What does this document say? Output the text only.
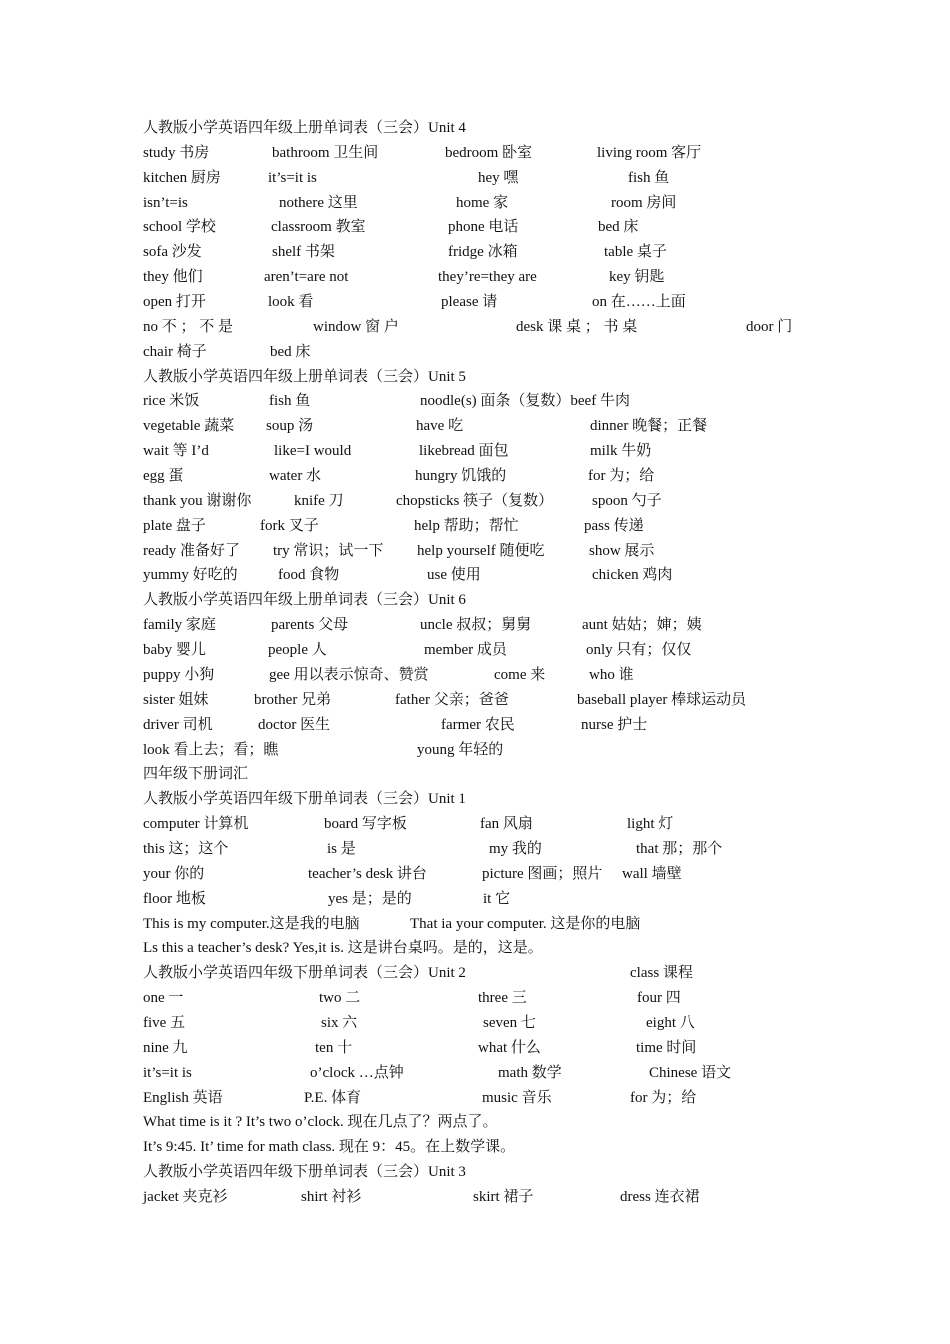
人教版小学英语四年级上册单词表（三会）Unit 4
study 书房	bathroom 卫生间	bedroom 卧室	living room 客厅
kitchen 厨房	it’s=it is	hey 嘿	fish 鱼
isn’t=is	nothere 这里	home 家	room 房间
school 学校	classroom 教室	phone 电话	bed 床
sofa 沙发	shelf 书架	fridge 冰箱	table 桌子
they 他们	aren’t=are not	they’re=they are	key 钥匙
open 打开	look 看	please 请	on 在……上面
no 不 ； 不 是	window 窗 户	desk 课 桌 ； 书 桌	door 门
chair 椅子	bed 床
人教版小学英语四年级上册单词表（三会）Unit 5
rice 米饭	fish 鱼	noodle(s) 面条（复数）beef 牛肉
vegetable 蔬菜 soup 汤	have 吃	dinner 晚餐；正餐
wait 等 I’d	like=I would	likebread 面包	milk 牛奶
egg 蛋	water 水	hungry 饥饿的	for 为；给
thank you 谢谢你	knife 刀	chopsticks 筷子（复数）	spoon 勺子
plate 盘子	fork 叉子	help 帮助；帮忙	pass 传递
ready 准备好了 try 常识；试一下 help yourself 随便吃	show 展示
yummy 好吃的	food 食物	use 使用	chicken 鸡肉
人教版小学英语四年级上册单词表（三会）Unit 6
family 家庭	parents 父母	uncle 叔叔；舅舅	aunt 姑姑；婶；姨
baby 婴儿	people 人	member 成员	only 只有；仅仅
puppy 小狗	gee 用以表示惊奇、赞赏	come 来	who 谁
sister 姐妹	brother 兄弟	father 父亲；爸爸	baseball player 棒球运动员
driver 司机	doctor 医生	farmer 农民	nurse 护士
look 看上去；看；瞧	young 年轻的
四年级下册词汇
人教版小学英语四年级下册单词表（三会）Unit 1
computer 计算机	board 写字板	fan 风扇	light 灯
this 这；这个	is 是	my 我的	that 那；那个
your 你的	teacher’s desk 讲台	picture 图画；照片 wall 墙壁
floor 地板	yes 是；是的	it 它
This is my computer.这是我的电脑	That ia your computer. 这是你的电脑
Ls this a teacher’s desk? Yes,it is. 这是讲台桌吗。是的，这是。
人教版小学英语四年级下册单词表（三会）Unit 2	class 课程
one 一	two 二	three 三	four 四
five 五	six 六	seven 七	eight 八
nine 九	ten 十	what 什么	time 时间
it’s=it is	o’clock …点钟	math 数学	Chinese 语文
English 英语	P.E. 体育	music 音乐	for 为；给
What time is it ? It’s two o’clock. 现在几点了？两点了。
It’s 9:45. It’ time for math class. 现在 9：45。在上数学课。
人教版小学英语四年级下册单词表（三会）Unit 3
jacket 夹克衫	shirt 衬衫	skirt 裙子	dress 连衣裙
